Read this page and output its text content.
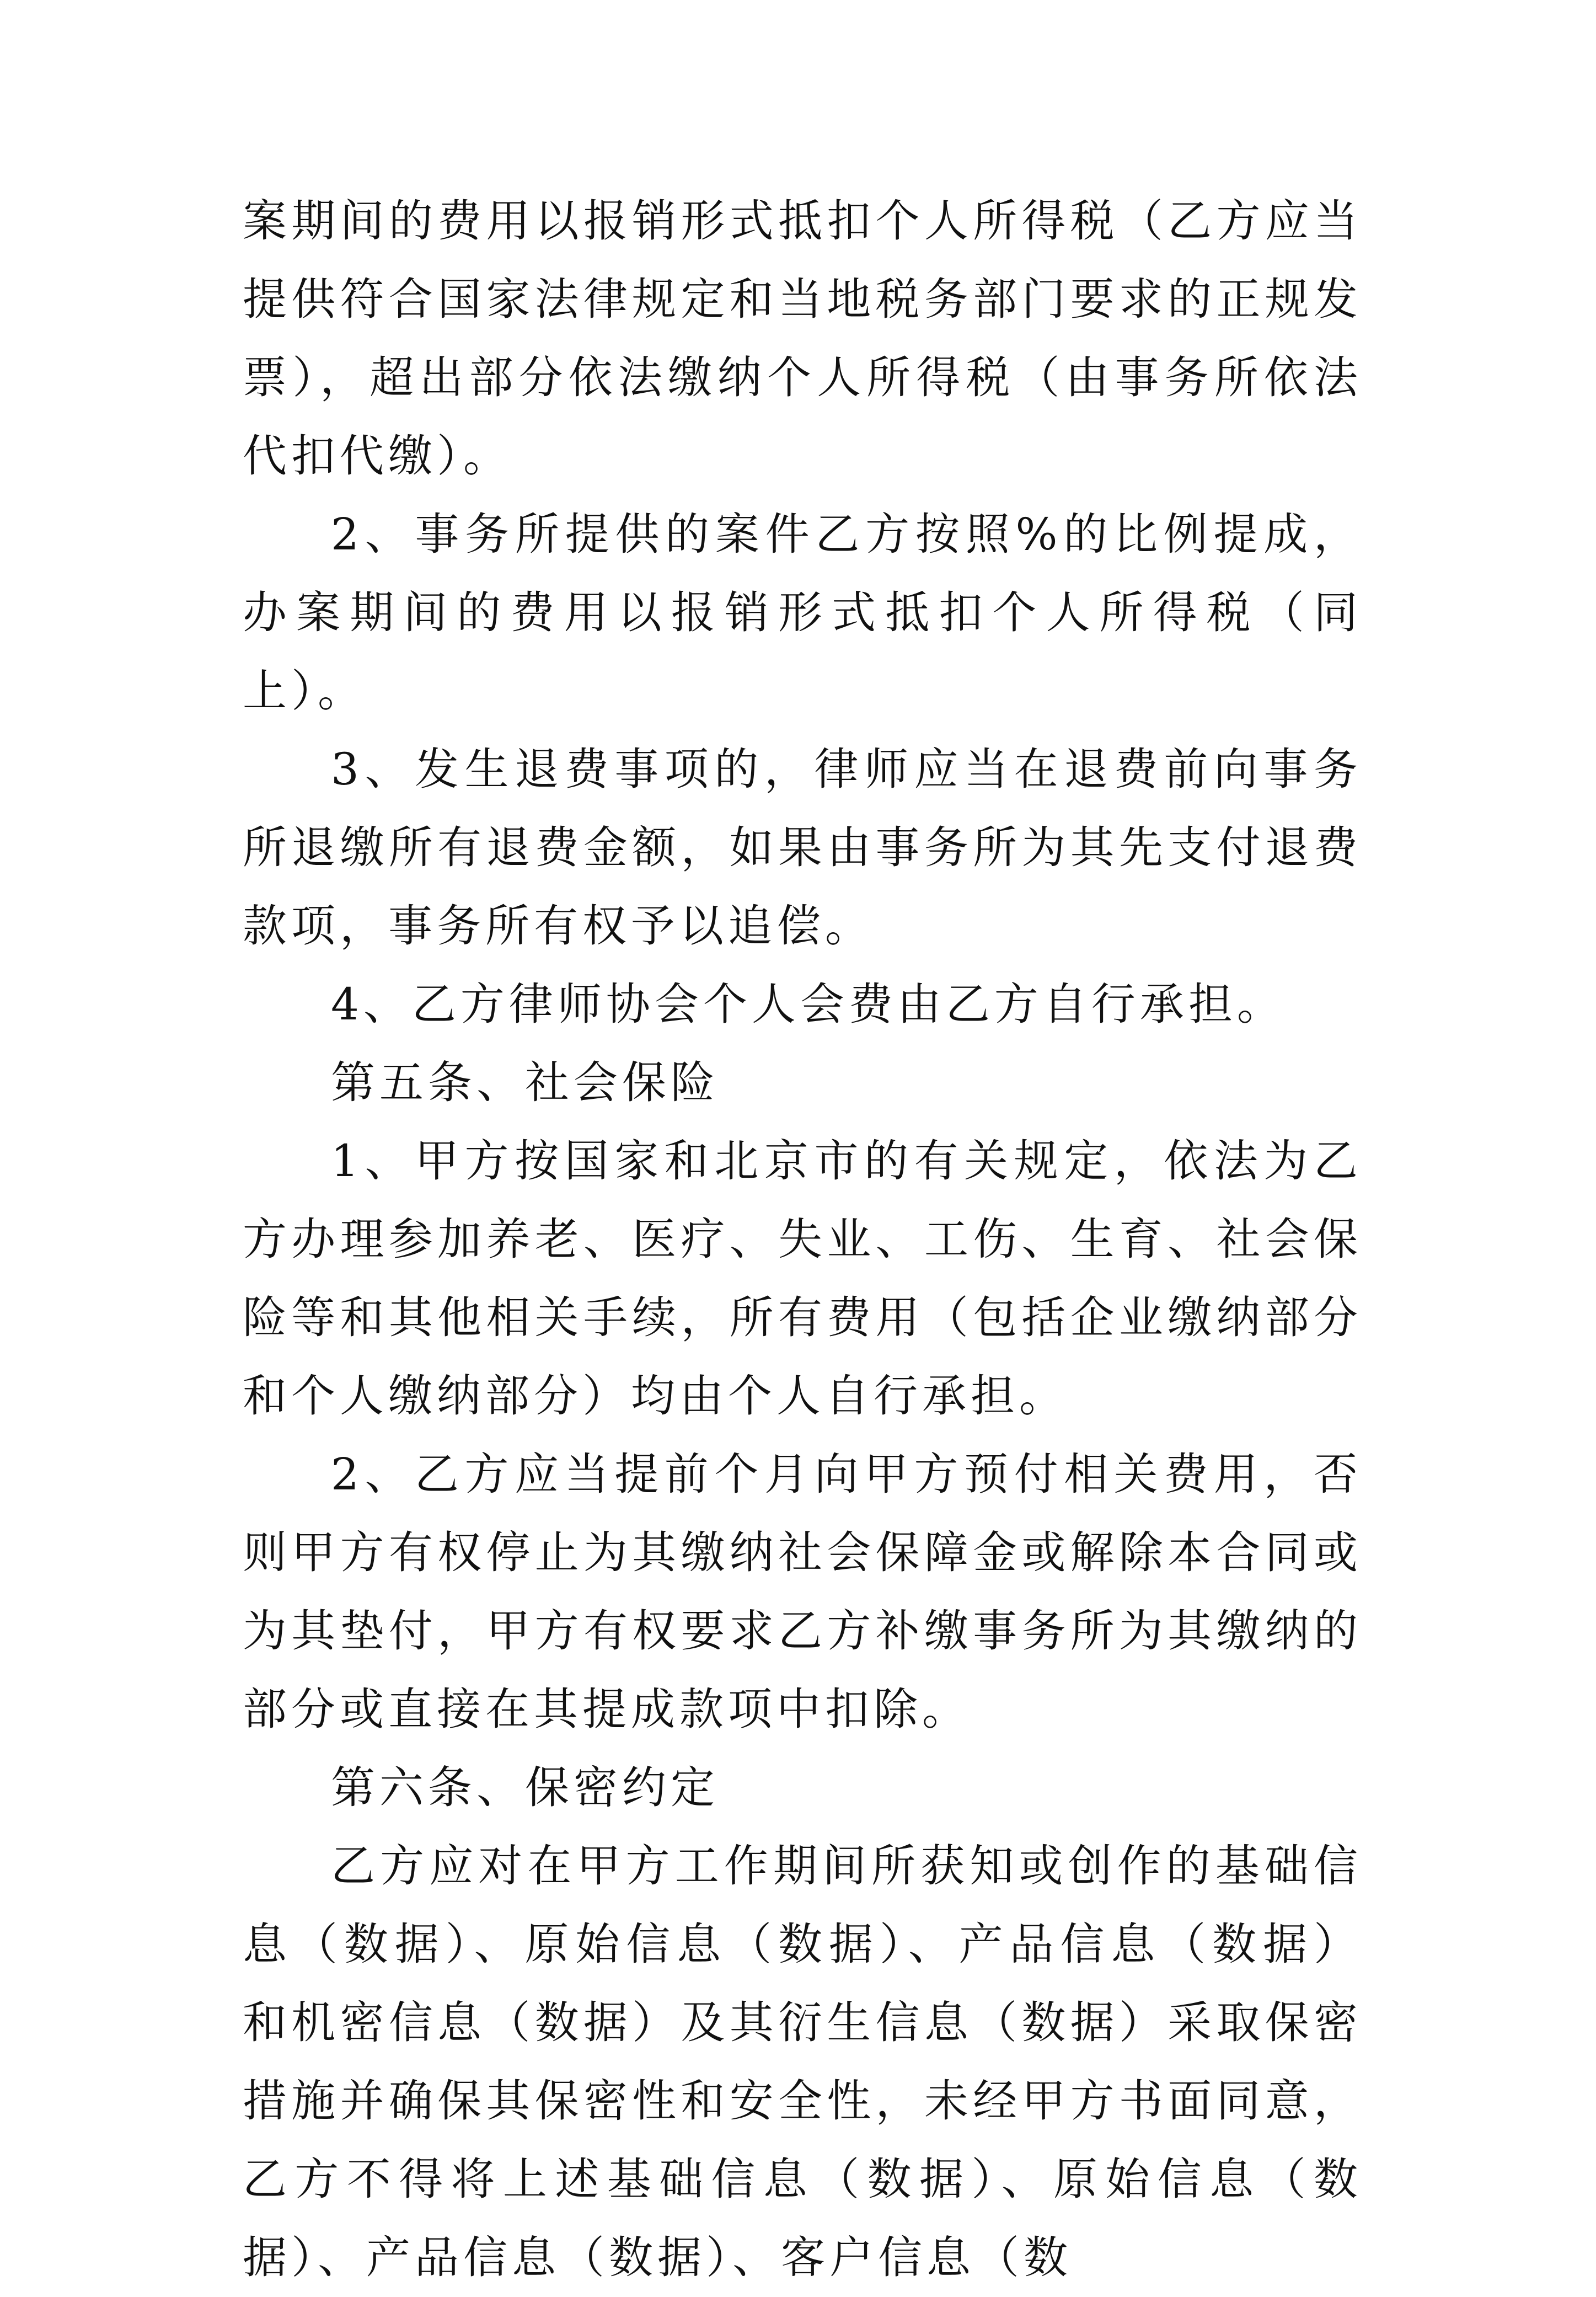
案期间的费用以报销形式抵扣个人所得税（乙方应当提供符合国家法律规定和当地税务部门要求的正规发票），超出部分依法缴纳个人所得税（由事务所依法代扣代缴）。

2、事务所提供的案件乙方按照%的比例提成，办案期间的费用以报销形式抵扣个人所得税（同上）。

3、发生退费事项的，律师应当在退费前向事务所退缴所有退费金额，如果由事务所为其先支付退费款项，事务所有权予以追偿。

4、乙方律师协会个人会费由乙方自行承担。

第五条、社会保险

1、甲方按国家和北京市的有关规定，依法为乙方办理参加养老、医疗、失业、工伤、生育、社会保险等和其他相关手续，所有费用（包括企业缴纳部分和个人缴纳部分）均由个人自行承担。

2、乙方应当提前个月向甲方预付相关费用，否则甲方有权停止为其缴纳社会保障金或解除本合同或为其垫付，甲方有权要求乙方补缴事务所为其缴纳的部分或直接在其提成款项中扣除。

第六条、保密约定

乙方应对在甲方工作期间所获知或创作的基础信息（数据）、原始信息（数据）、产品信息（数据）和机密信息（数据）及其衍生信息（数据）采取保密措施并确保其保密性和安全性，未经甲方书面同意，乙方不得将上述基础信息（数据）、原始信息（数据）、产品信息（数据）、客户信息（数
